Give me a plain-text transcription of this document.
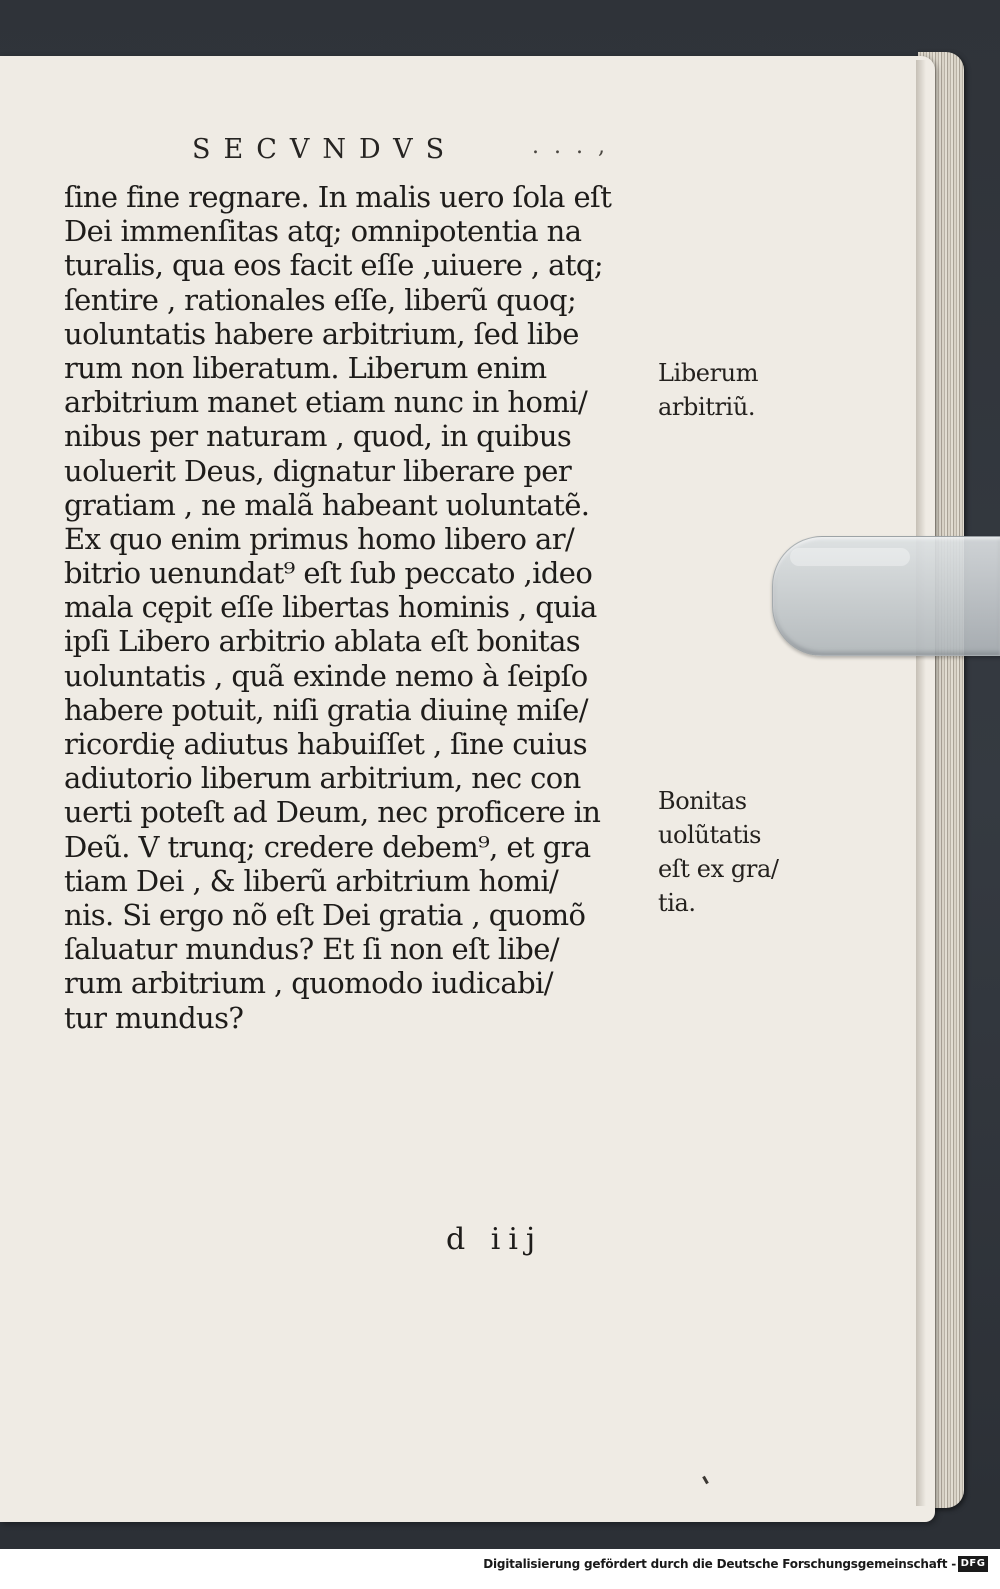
SECVNDVS	. . . ,
ſine fine regnare. In malis uero ſola eſt
Dei immenſitas atq; omnipotentia na
turalis, qua eos facit eſſe ,uiuere , atq;
ſentire , rationales eſſe, liberũ quoq;
uoluntatis habere arbitrium, ſed libe
rum non liberatum. Liberum enim
arbitrium manet etiam nunc in homi/
nibus per naturam , quod, in quibus
uoluerit Deus, dignatur liberare per
gratiam , ne malã habeant uoluntatẽ.
Ex quo enim primus homo libero ar/
bitrio uenundat⁹ eſt ſub peccato ,ideo
mala cępit eſſe libertas hominis , quia
ipſi Libero arbitrio ablata eſt bonitas
uoluntatis , quã exinde nemo à ſeipſo
habere potuit, niſi gratia diuinę miſe/
ricordię adiutus habuiſſet , ſine cuius
adiutorio liberum arbitrium, nec con
uerti poteſt ad Deum, nec proficere in
Deũ. V trunq; credere debem⁹, et gra
tiam Dei , & liberũ arbitrium homi/
nis. Si ergo nõ eſt Dei gratia , quomõ
ſaluatur mundus? Et ſi non eſt libe/
rum arbitrium , quomodo iudicabi/
tur mundus?
Liberum
arbitriũ.
Bonitas
uolũtatis
eſt ex gra/
tia.
d iij
Digitalisierung gefördert durch die Deutsche Forschungsgemeinschaft - DFG
